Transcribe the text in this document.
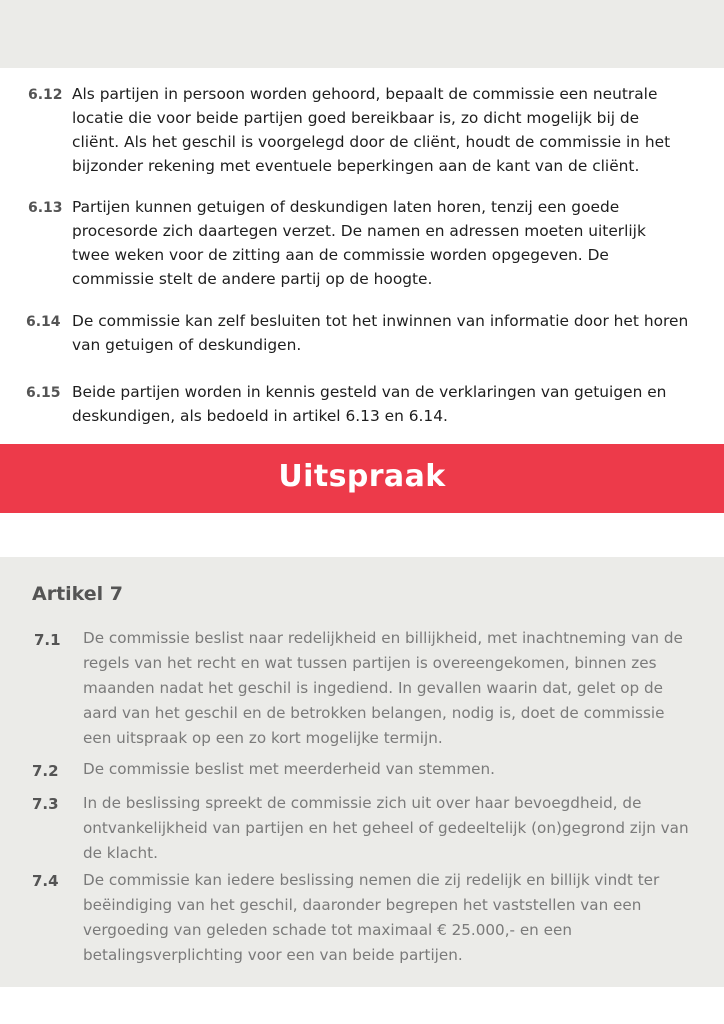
6.12 Als partijen in persoon worden gehoord, bepaalt de commissie een neutrale
locatie die voor beide partijen goed bereikbaar is, zo dicht mogelijk bij de
cliënt. Als het geschil is voorgelegd door de cliënt, houdt de commissie in het
bijzonder rekening met eventuele beperkingen aan de kant van de cliënt.
6.13 Partijen kunnen getuigen of deskundigen laten horen, tenzij een goede
procesorde zich daartegen verzet. De namen en adressen moeten uiterlijk
twee weken voor de zitting aan de commissie worden opgegeven. De
commissie stelt de andere partij op de hoogte.
6.14 De commissie kan zelf besluiten tot het inwinnen van informatie door het horen
van getuigen of deskundigen.
6.15 Beide partijen worden in kennis gesteld van de verklaringen van getuigen en
deskundigen, als bedoeld in artikel 6.13 en 6.14.
Uitspraak
Artikel 7
7.1 De commissie beslist naar redelijkheid en billijkheid, met inachtneming van de
regels van het recht en wat tussen partijen is overeengekomen, binnen zes
maanden nadat het geschil is ingediend. In gevallen waarin dat, gelet op de
aard van het geschil en de betrokken belangen, nodig is, doet de commissie
een uitspraak op een zo kort mogelijke termijn.
7.2 De commissie beslist met meerderheid van stemmen.
7.3 In de beslissing spreekt de commissie zich uit over haar bevoegdheid, de
ontvankelijkheid van partijen en het geheel of gedeeltelijk (on)gegrond zijn van
de klacht.
7.4 De commissie kan iedere beslissing nemen die zij redelijk en billijk vindt ter
beëindiging van het geschil, daaronder begrepen het vaststellen van een
vergoeding van geleden schade tot maximaal € 25.000,- en een
betalingsverplichting voor een van beide partijen.
